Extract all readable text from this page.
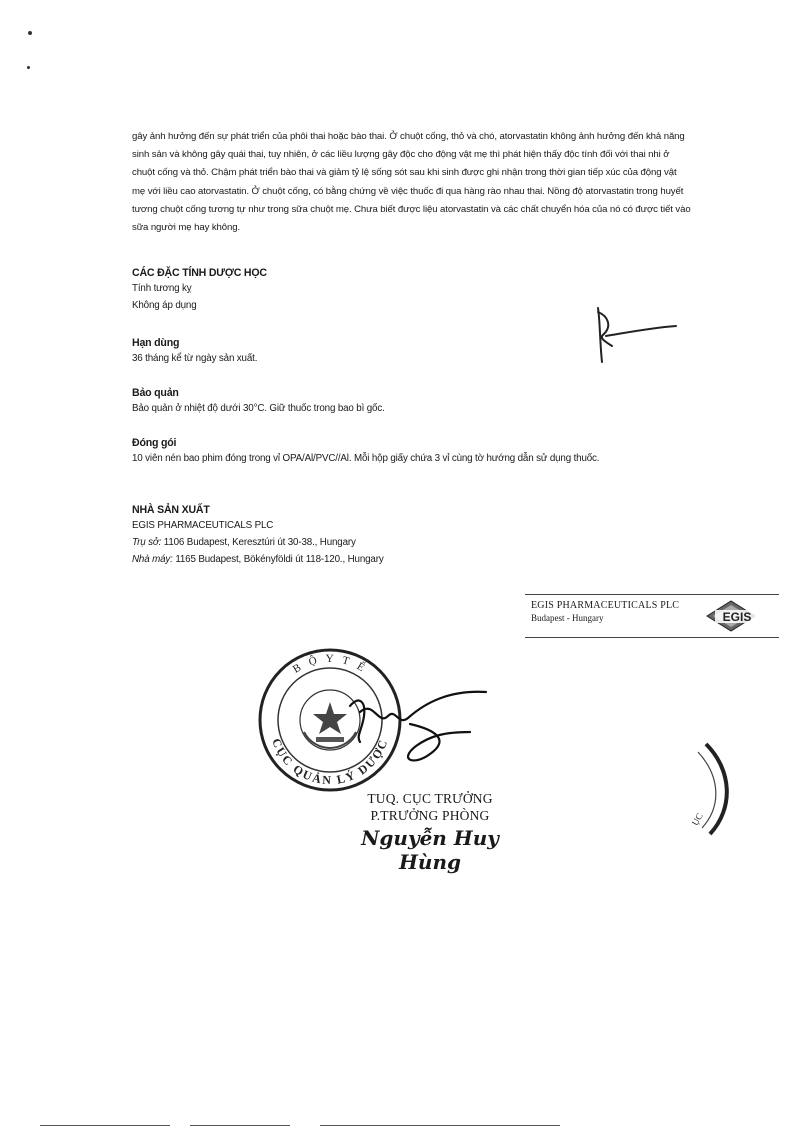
gây ảnh hưởng đến sự phát triển của phôi thai hoặc bào thai. Ở chuột cống, thỏ và chó, atorvastatin không ảnh hưởng đến khả năng sinh sản và không gây quái thai, tuy nhiên, ở các liều lượng gây độc cho động vật mẹ thì phát hiện thấy độc tính đối với thai nhi ở chuột cống và thỏ. Chậm phát triển bào thai và giảm tỷ lệ sống sót sau khi sinh được ghi nhận trong thời gian tiếp xúc của động vật mẹ với liều cao atorvastatin. Ở chuột cống, có bằng chứng về việc thuốc đi qua hàng rào nhau thai. Nồng độ atorvastatin trong huyết tương chuột cống tương tự như trong sữa chuột mẹ. Chưa biết được liệu atorvastatin và các chất chuyển hóa của nó có được tiết vào sữa người mẹ hay không.

CÁC ĐẶC TÍNH DƯỢC HỌC

Tính tương kỵ

Không áp dụng

Hạn dùng

36 tháng kể từ ngày sản xuất.

Bảo quản

Bảo quản ở nhiệt độ dưới 30°C. Giữ thuốc trong bao bì gốc.

Đóng gói

10 viên nén bao phim đóng trong vỉ OPA/Al/PVC//Al. Mỗi hộp giấy chứa 3 vỉ cùng tờ hướng dẫn sử dụng thuốc.

NHÀ SẢN XUẤT

EGIS PHARMACEUTICALS PLC

Trụ sở: 1106 Budapest, Keresztúri út 30-38., Hungary

Nhà máy: 1165 Budapest, Bökényföldi út 118-120., Hungary

EGIS PHARMACEUTICALS PLC
Budapest - Hungary	EGIS
B Ộ Y T Ế
CỤC QUẢN LÝ DƯỢC
ỤC

TUQ. CỤC TRƯỞNG

P.TRƯỞNG PHÒNG

Nguyễn Huy Hùng
